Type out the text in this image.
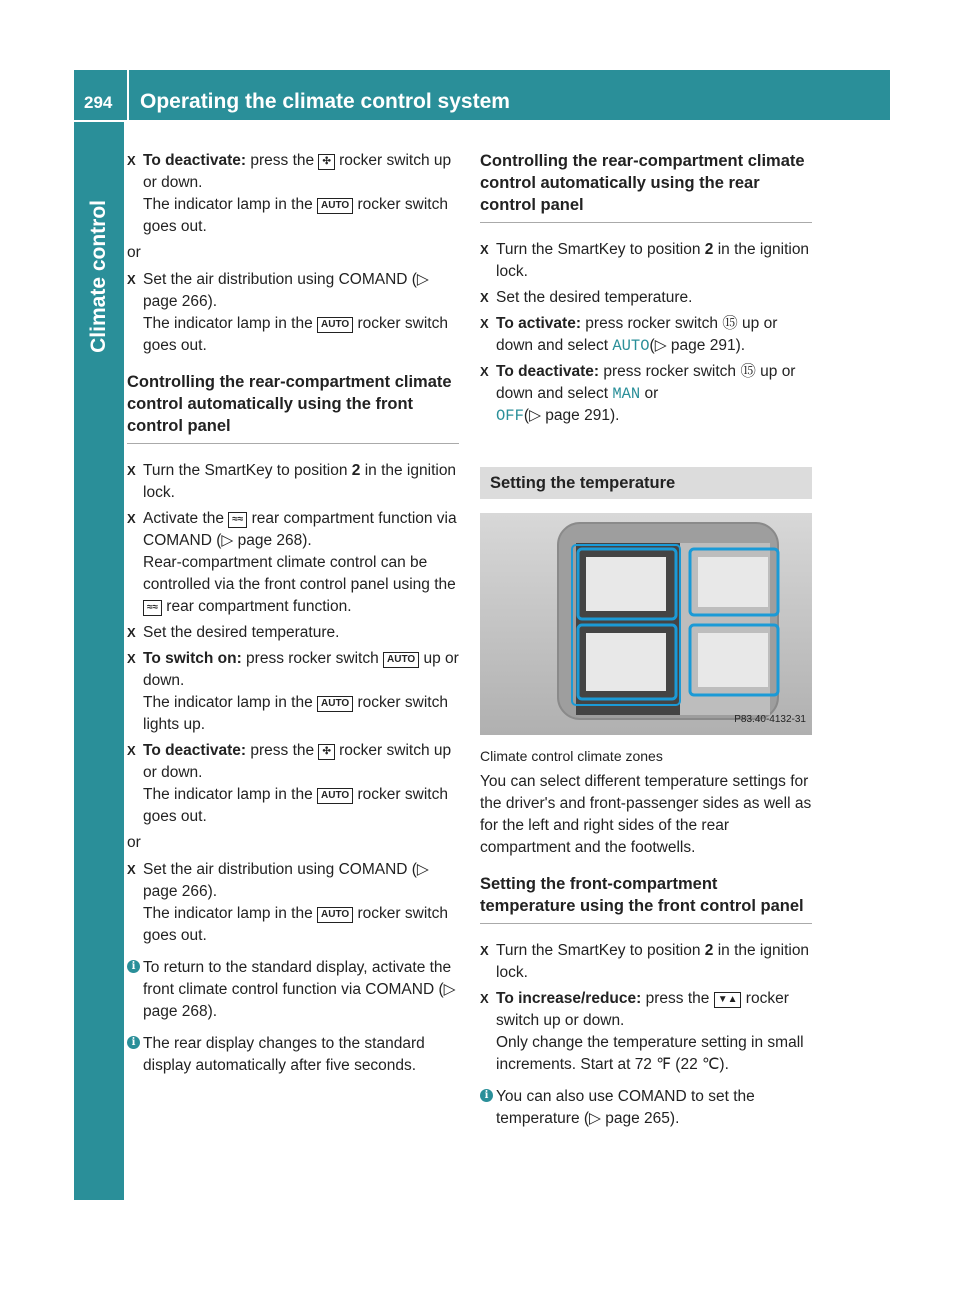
294 Operating the climate control system
Climate control
X To deactivate: press the ✣ rocker switch up or down.
The indicator lamp in the AUTO rocker switch goes out.
or
X Set the air distribution using COMAND (▷ page 266).
The indicator lamp in the AUTO rocker switch goes out.
Controlling the rear-compartment climate control automatically using the front control panel
X Turn the SmartKey to position 2 in the ignition lock.
X Activate the ≈≈ rear compartment function via COMAND (▷ page 268).
Rear-compartment climate control can be controlled via the front control panel using the ≈≈ rear compartment function.
X Set the desired temperature.
X To switch on: press rocker switch AUTO up or down.
The indicator lamp in the AUTO rocker switch lights up.
X To deactivate: press the ✣ rocker switch up or down.
The indicator lamp in the AUTO rocker switch goes out.
or
X Set the air distribution using COMAND (▷ page 266).
The indicator lamp in the AUTO rocker switch goes out.
i To return to the standard display, activate the front climate control function via COMAND (▷ page 268).
i The rear display changes to the standard display automatically after five seconds.
Controlling the rear-compartment climate control automatically using the rear control panel
X Turn the SmartKey to position 2 in the ignition lock.
X Set the desired temperature.
X To activate: press rocker switch ⑮ up or down and select AUTO(▷ page 291).
X To deactivate: press rocker switch ⑮ up or down and select MAN or
OFF(▷ page 291).
Setting the temperature
P83.40-4132-31
Climate control climate zones
You can select different temperature settings for the driver's and front-passenger sides as well as for the left and right sides of the rear compartment and the footwells.
Setting the front-compartment temperature using the front control panel
X Turn the SmartKey to position 2 in the ignition lock.
X To increase/reduce: press the ▼▲ rocker switch up or down.
Only change the temperature setting in small increments. Start at 72 ℉ (22 ℃).
i You can also use COMAND to set the temperature (▷ page 265).
